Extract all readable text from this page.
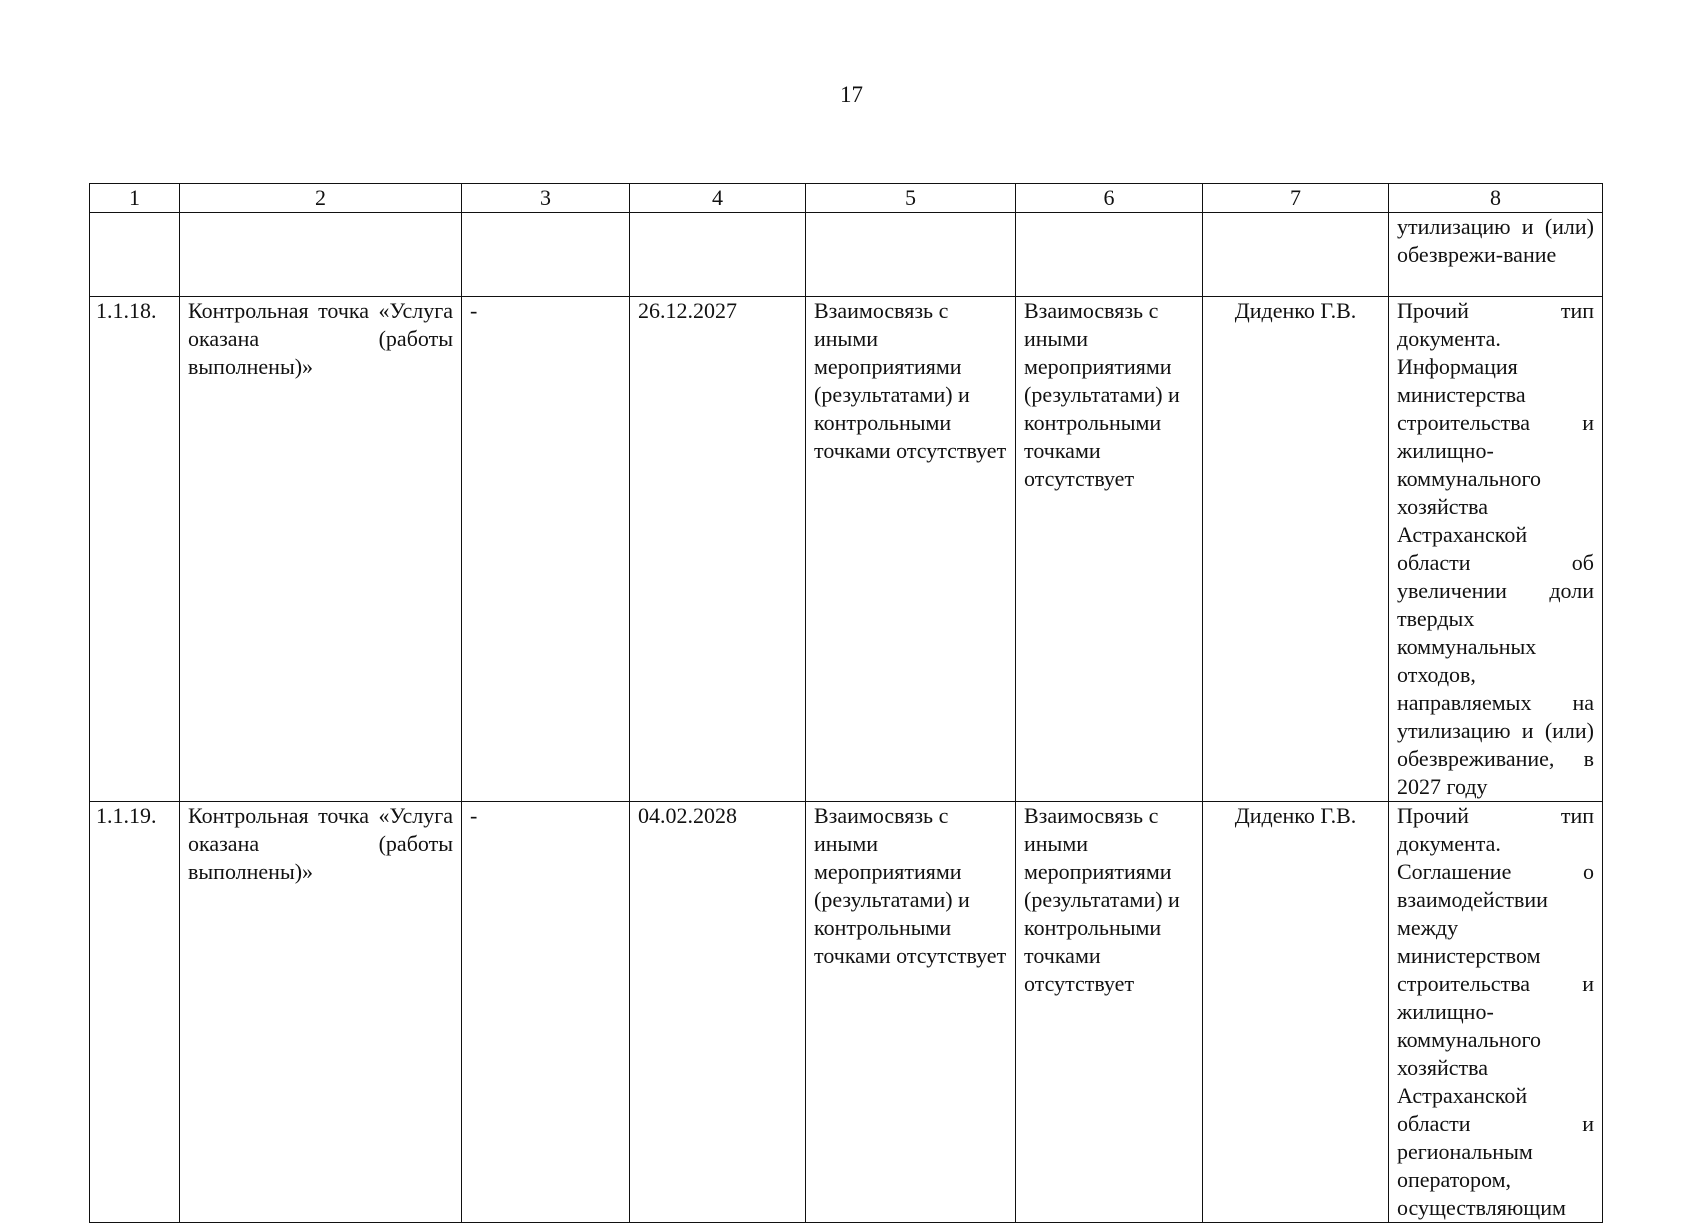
17
1	2	3	4	5	6	7	8
							утилизацию и (или) обезврежи-вание
1.1.18.	Контрольная точка «Услуга оказана (работы выполнены)»	-	26.12.2027	Взаимосвязь с иными мероприятиями (результатами) и контрольными точками отсутствует	Взаимосвязь с иными мероприятиями (результатами) и контрольными точками отсутствует	Диденко Г.В.	Прочий тип документа. Информация министерства строительства и жилищно-коммунального хозяйства Астраханской области об увеличении доли твердых коммунальных отходов, направляемых на утилизацию и (или) обезвреживание, в 2027 году
1.1.19.	Контрольная точка «Услуга оказана (работы выполнены)»	-	04.02.2028	Взаимосвязь с иными мероприятиями (результатами) и контрольными точками отсутствует	Взаимосвязь с иными мероприятиями (результатами) и контрольными точками отсутствует	Диденко Г.В.	Прочий тип документа. Соглашение о взаимодействии между министерством строительства и жилищно-коммунального хозяйства Астраханской области и региональным оператором, осуществляющим
